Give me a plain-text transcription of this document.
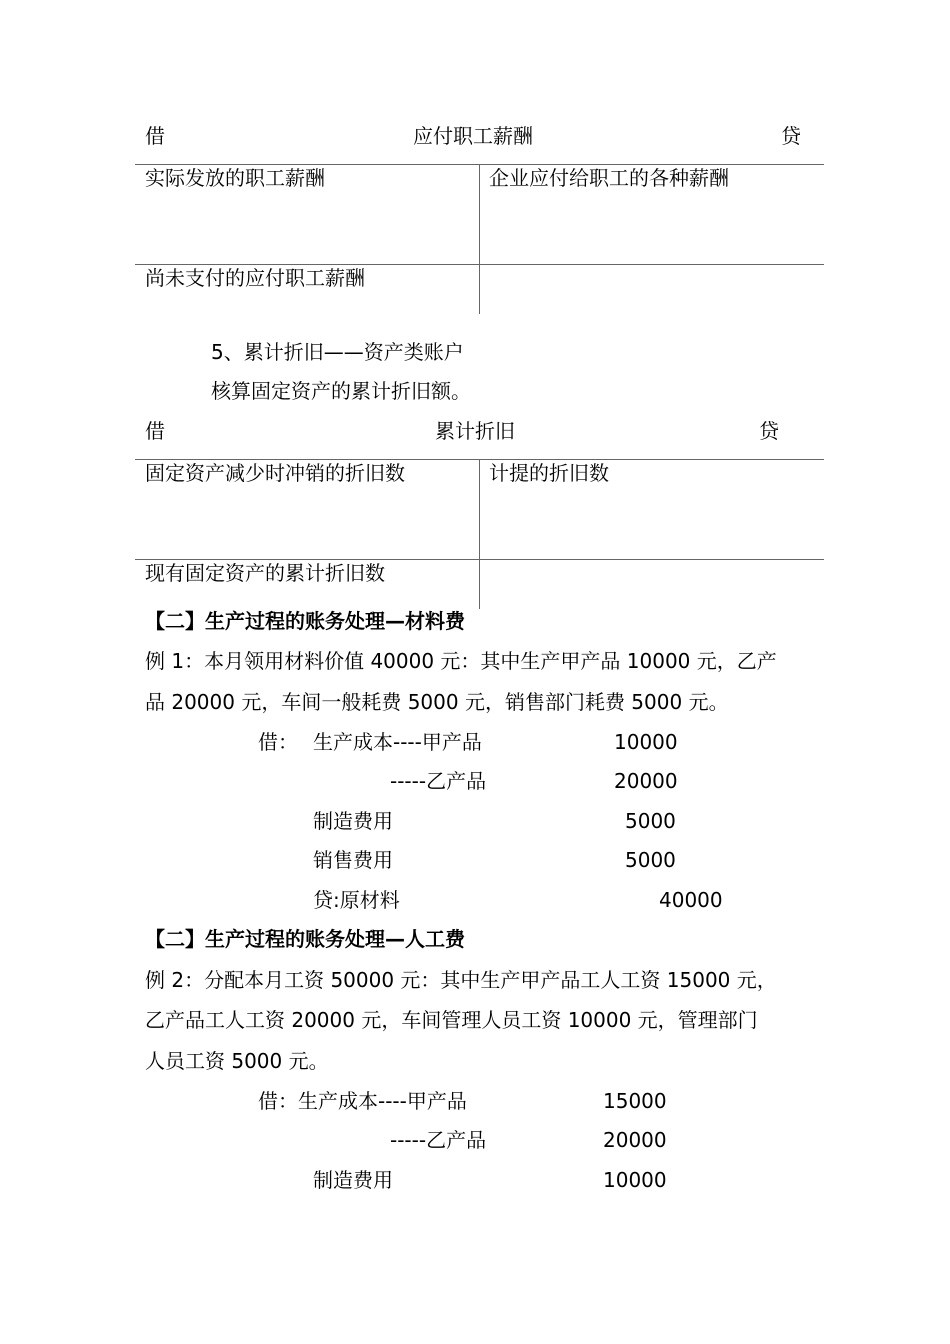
借	应付职工薪酬	贷
实际发放的职工薪酬	企业应付给职工的各种薪酬
尚未支付的应付职工薪酬
5、累计折旧——资产类账户
核算固定资产的累计折旧额。
借	累计折旧	贷
固定资产减少时冲销的折旧数	计提的折旧数
现有固定资产的累计折旧数
【二】生产过程的账务处理—材料费
例 1：本月领用材料价值 40000 元：其中生产甲产品 10000 元，乙产
品 20000 元，车间一般耗费 5000 元，销售部门耗费 5000 元。
借： 生产成本----甲产品	10000
-----乙产品	20000
制造费用	5000
销售费用	5000
贷:原材料	40000
【二】生产过程的账务处理—人工费
例 2：分配本月工资 50000 元：其中生产甲产品工人工资 15000 元，
乙产品工人工资 20000 元，车间管理人员工资 10000 元，管理部门
人员工资 5000 元。
借：生产成本----甲产品	15000
-----乙产品	20000
制造费用	10000
